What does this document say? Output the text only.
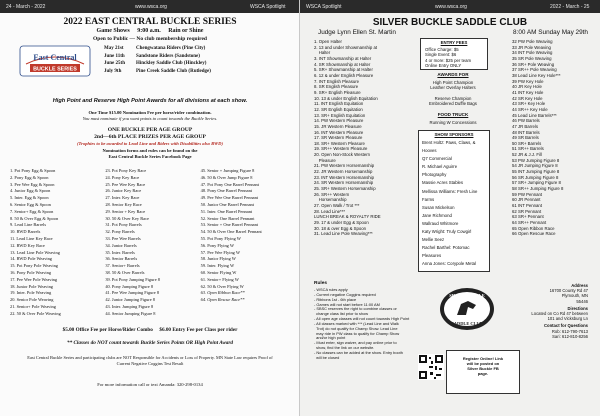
24 - March - 2022	www.wsca.org	WSCA Spotlight
2022 EAST CENTRAL BUCKLE SERIES
Game Shows     9:00 a.m.     Rain or Shine
Open to Public — No club membership required
East Central
BUCKLE SERIES
May 21st	Chengwatana Riders (Pine City)
June 11th	Sandstone Riders (Sandstone)
June 25th	Hinckley Saddle Club (Hinckley)
July 9th	Pine Creek Saddle Club (Rutledge)
High Point and Reserve High Point Awards for all divisions at each show.
One Time $15.00 Nomination Fee per horse/rider combination.
You must nominate if you want points to count towards the Buckle Series.
ONE BUCKLE PER AGE GROUP
2nd—6th PLACE PRIZES PER AGE GROUP
(Trophies to be awarded to Lead Line and Riders with Disabilities also RWD)
Nomination forms and rules can be found on the
East Central Buckle Series Facebook Page
1. Pot Pony Egg & Spoon
2. Pony Egg & Spoon
3. Pee Wee Egg & Spoon
4. Junior Egg & Spoon
5. Inter. Egg & Spoon
6. Senior Egg & Spoon
7. Senior+ Egg & Spoon
8. 50 & Over Egg & Spoon
9. Lead Line Barrels
10. RWD Barrels
11. Lead Line Key Race
12. RWD Key Race
13. Lead Line Pole Weaving
14. RWD Pole Weaving
15. Pot Pony Pole Weaving
16. Pony Pole Weaving
17. Pee Wee Pole Weaving
18. Junior Pole Weaving
19. Inter. Pole Weaving
20. Senior Pole Weaving
21. Senior+ Pole Weaving
22. 50 & Over Pole Weaving
23. Pot Pony Key Race
24. Pony Key Race
25. Pee Wee Key Race
26. Junior Key Race
27. Inter. Key Race
28. Senior Key Race
29. Senior + Key Race
30. 50 & Over Key Race
31. Pot Pony Barrels
32. Pony Barrels
33. Pee Wee Barrels
34. Junior Barrels
35. Inter. Barrels
36. Senior Barrels
37. Senior+ Barrels
38. 50 & Over Barrels
39. Pot Pony Jumping Figure 8
40. Pony Jumping Figure 8
41. Pee Wee Jumping Figure 8
42. Junior Jumping Figure 8
43. Inter. Jumping Figure 8
44. Senior Jumping Figure 8
45. Senior + Jumping Figure 8
46. 50 & Over Jump Figure 8
47. Pot Pony One Barrel Pennant
48. Pony One Barrel Pennant
49. Pee Wee One Barrel Pennant
50. Junior One Barrel Pennant
51. Inter. One Barrel Pennant
52. Senior One Barrel Pennant
53. Senior + One Barrel Pennant
54. 50 & Over One Barrel Pennant
55. Pot Pony Flying W
56. Pony Flying W
57. Pee Wee Flying W
58. Junior Flying W
59. Inter. Flying W
60. Senior Flying W
61. Senior+ Flying W
62. 50 & Over Flying W
63. Open Ribbon Race**
64. Open Rescue Race**
$5.00 Office Fee per Horse/Rider Combo     $6.00 Entry Fee per Class per rider
** Classes do NOT count towards Buckle Series Points OR High Point Award
East Central Buckle Series and participating clubs are NOT Responsible for Accidents or Loss of Property. MN State Law requires Proof of Current Negative Coggins Test Result
For more information call or text Amanda: 320-298-0134
WSCA Spotlight	www.wsca.org	2022 - March - 25
SILVER BUCKLE SADDLE CLUB
Judge Lynn Ellen St. Martin	8:00 AM Sunday May 29th
1. Open Halter
2. 13 and under Showmanship at
Halter
3. INT Showmanship at Halter
4. SR Showmanship at Halter
5. SR+ Showmanship at Halter
6. 12 & under English Pleasure
7. INT English Pleasure
8. SR English Pleasure
9. SR+ English Pleasure
10. 13 & under English Equitation
11. INT English Equitation
12. SR English Equitation
13. SR+ English Equitation
14. PW Western Pleasure
15. JR Western Pleasure
16. INT Western Pleasure
17. SR Western Pleasure
18. SR+ Western Pleasure
19. SR++ Western Pleasure
20. Open Non-Stock Western
Pleasure
21. PW Western Horsemanship
22. JR Western Horsemanship
23. INT Western Horsemanship
24. SR Western Horsemanship
25. SR+ Western Horsemanship
26. SR++ Western
Horsemanship
27. Open Walk / Trot ***
28. Lead Line***
LUNCH BREAK & ROYALTY RIDE
29. 17 & under Egg & Spoon
30. 18 & over Egg & Spoon
31. Lead Line Pole Weaving***
ENTRY FEES
Office Charge: $5
Single Event: $6
4 or more: $25 per team
Online Entry ONLY
AWARDS FOR
High Point Champion
Leather Overlay Halters

Reserve Champion
Embroidered Duffle Bags
FOOD TRUCK
Running W Concessions
SHOW SPONSORS
Brent Holtz: Paws, Claws, &
Hooves
Q7 Commercial
R. Michael Aguirre
Photography
Massie Acres Stables
Mellissa Williams: Fresh Line
Farms
Susan Mickelson
Jane Richmond
Wallraud Whitmore
Katy Wright: Truly Cowgirl
Mellie Seez
Rachel Barthel: Potomac
Pleasures
Anna Jones: Corypole Metal
32 PW Pole Weaving
33 JR Pole Weaving
34 INT Pole Weaving
35 SR Pole Weaving
36 SR+ Pole Weaving
37 SR++ Pole Weaving
38 Lead Line Key Hole***
39 PW Key Hole
40 JR Key Hole
41 INT Key Hole
42 SR Key Hole
43 SR+ Key Hole
44 SR++ Key Hole
45 Lead Line Barrels***
46 PW Barrels
47 JR Barrels
48 INT Barrels
49 SR Barrels
50 SR+ Barrels
51 SR++ Barrels
52 JR & J.J. Fill
53 PW Jumping Figure 8
54 JR Jumping Figure 8
55 INT Jumping Figure 8
56 SR Jumping Figure 8
57 SR+ Jumping Figure 8
58 SR++ Jumping Figure 8
59 PW Pennant
60 JR Pennant
61 INT Pennant
62 SR Pennant
63 SR+ Pennant
64 SR++ Pennant
65 Open Ribbon Race
66 Open Rescue Race
Rules
- WSCA rules apply
- Current negative Coggins required
- Ribbons 1st - 6th place
- Games will not start before 11:00 AM
- SBSC reserves the right to combine classes or
change class list prior to show
- All open age classes will not count towards High Point
- All classes marked with *** (Lead Line and Walk
Trot) do not qualify for Champ Show. Lead Line
may ride in PW class to qualify for Champ Show
and/or high point
- Must enter, sign waiver, and pay online prior to
show, find the link on our website.
- No classes can be added at the show. Entry booth
will be closed
SILVER BUCKLE
SADDLE CLUB
Address
16700 County Rd 47
Plymouth, MN
55446
Directions
Located on Co Rd 47 between
101 and Vicksburg Ln
Contact for Questions
Rob: 612-790-7613
Sari: 612-810-8256
Register Online! Link
will be posted on
Silver Buckle FB
page.
